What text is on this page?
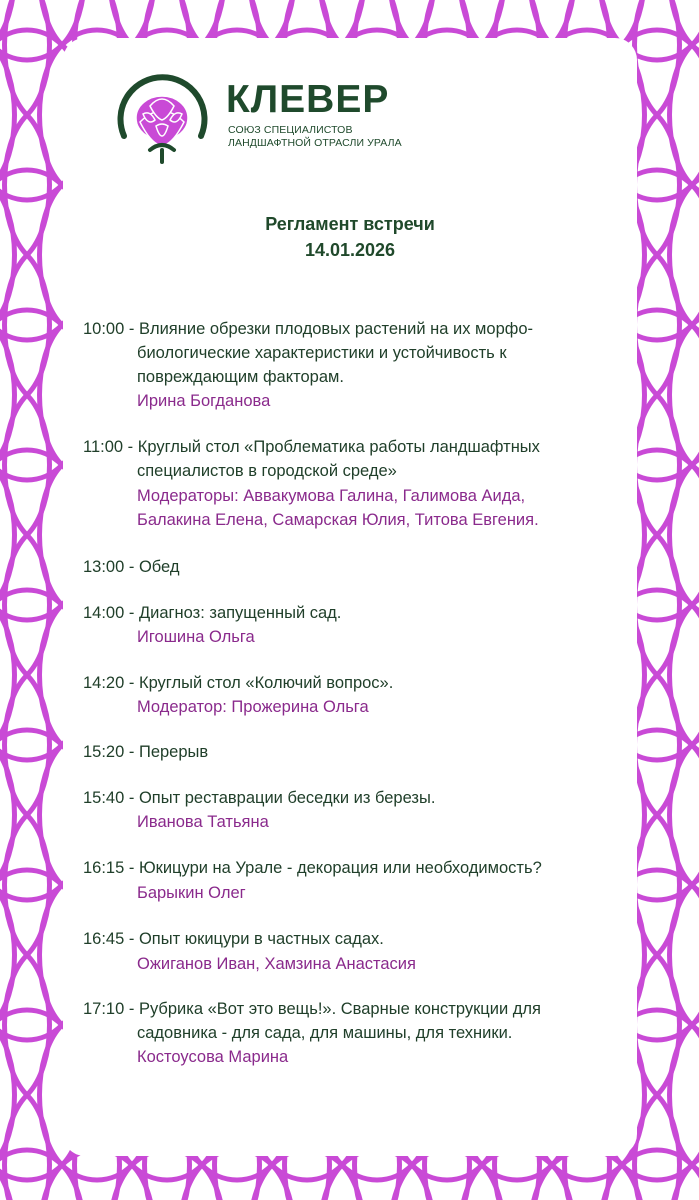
КЛЕВЕР
СОЮЗ СПЕЦИАЛИСТОВ
ЛАНДШАФТНОЙ ОТРАСЛИ УРАЛА
Регламент встречи
14.01.2026
10:00 - Влияние обрезки плодовых растений на их морфо-
биологические характеристики и устойчивость к
повреждающим факторам.
Ирина Богданова
11:00 - Круглый стол «Проблематика работы ландшафтных
специалистов в городской среде»
Модераторы: Аввакумова Галина, Галимова Аида,
Балакина Елена, Самарская Юлия, Титова Евгения.
13:00 - Обед
14:00 - Диагноз: запущенный сад.
Игошина Ольга
14:20 - Круглый стол «Колючий вопрос».
Модератор: Прожерина Ольга
15:20 - Перерыв
15:40 - Опыт реставрации беседки из березы.
Иванова Татьяна
16:15 - Юкицури на Урале - декорация или необходимость?
Барыкин Олег
16:45 - Опыт юкицури в частных садах.
Ожиганов Иван, Хамзина Анастасия
17:10 - Рубрика «Вот это вещь!». Сварные конструкции для
садовника - для сада, для машины, для техники.
Костоусова Марина
